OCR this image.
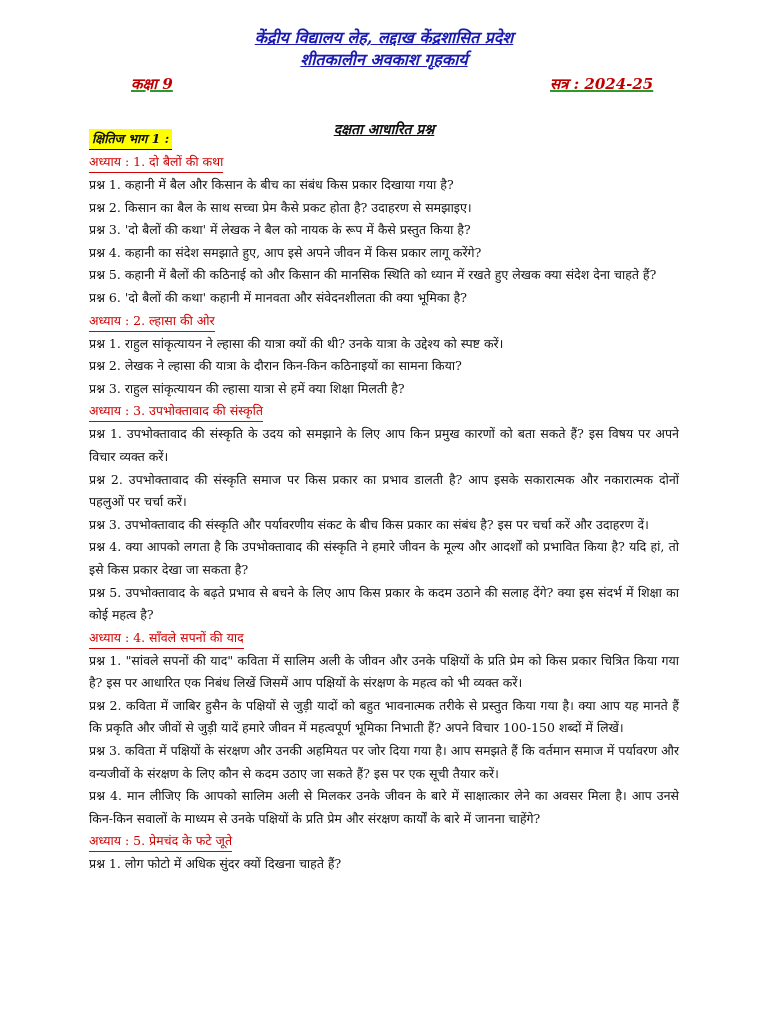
केंद्रीय विद्यालय लेह, लद्दाख केंद्रशासित प्रदेश
शीतकालीन अवकाश गृहकार्य
कक्षा 9	सत्र : 2024-25
दक्षता आधारित प्रश्न
क्षितिज भाग 1 :
अध्याय : 1. दो बैलों की कथा
प्रश्न 1. कहानी में बैल और किसान के बीच का संबंध किस प्रकार दिखाया गया है?
प्रश्न 2. किसान का बैल के साथ सच्चा प्रेम कैसे प्रकट होता है? उदाहरण से समझाइए।
प्रश्न 3. 'दो बैलों की कथा' में लेखक ने बैल को नायक के रूप में कैसे प्रस्तुत किया है?
प्रश्न 4. कहानी का संदेश समझाते हुए, आप इसे अपने जीवन में किस प्रकार लागू करेंगे?
प्रश्न 5. कहानी में बैलों की कठिनाई को और किसान की मानसिक स्थिति को ध्यान में रखते हुए लेखक क्या संदेश देना चाहते हैं?
प्रश्न 6. 'दो बैलों की कथा' कहानी में मानवता और संवेदनशीलता की क्या भूमिका है?
अध्याय : 2. ल्हासा की ओर
प्रश्न 1. राहुल सांकृत्यायन ने ल्हासा की यात्रा क्यों की थी? उनके यात्रा के उद्देश्य को स्पष्ट करें।
प्रश्न 2. लेखक ने ल्हासा की यात्रा के दौरान किन-किन कठिनाइयों का सामना किया?
प्रश्न 3. राहुल सांकृत्यायन की ल्हासा यात्रा से हमें क्या शिक्षा मिलती है?
अध्याय : 3. उपभोक्तावाद की संस्कृति
प्रश्न 1. उपभोक्तावाद की संस्कृति के उदय को समझाने के लिए आप किन प्रमुख कारणों को बता सकते हैं? इस विषय पर अपने विचार व्यक्त करें।
प्रश्न 2. उपभोक्तावाद की संस्कृति समाज पर किस प्रकार का प्रभाव डालती है? आप इसके सकारात्मक और नकारात्मक दोनों पहलुओं पर चर्चा करें।
प्रश्न 3. उपभोक्तावाद की संस्कृति और पर्यावरणीय संकट के बीच किस प्रकार का संबंध है? इस पर चर्चा करें और उदाहरण दें।
प्रश्न 4. क्या आपको लगता है कि उपभोक्तावाद की संस्कृति ने हमारे जीवन के मूल्य और आदर्शों को प्रभावित किया है? यदि हां, तो इसे किस प्रकार देखा जा सकता है?
प्रश्न 5. उपभोक्तावाद के बढ़ते प्रभाव से बचने के लिए आप किस प्रकार के कदम उठाने की सलाह देंगे? क्या इस संदर्भ में शिक्षा का कोई महत्व है?
अध्याय : 4. साँवले सपनों की याद
प्रश्न 1. "सांवले सपनों की याद" कविता में सालिम अली के जीवन और उनके पक्षियों के प्रति प्रेम को किस प्रकार चित्रित किया गया है? इस पर आधारित एक निबंध लिखें जिसमें आप पक्षियों के संरक्षण के महत्व को भी व्यक्त करें।
प्रश्न 2. कविता में जाबिर हुसैन के पक्षियों से जुड़ी यादों को बहुत भावनात्मक तरीके से प्रस्तुत किया गया है। क्या आप यह मानते हैं कि प्रकृति और जीवों से जुड़ी यादें हमारे जीवन में महत्वपूर्ण भूमिका निभाती हैं? अपने विचार 100-150 शब्दों में लिखें।
प्रश्न 3. कविता में पक्षियों के संरक्षण और उनकी अहमियत पर जोर दिया गया है। आप समझते हैं कि वर्तमान समाज में पर्यावरण और वन्यजीवों के संरक्षण के लिए कौन से कदम उठाए जा सकते हैं? इस पर एक सूची तैयार करें।
प्रश्न 4. मान लीजिए कि आपको सालिम अली से मिलकर उनके जीवन के बारे में साक्षात्कार लेने का अवसर मिला है। आप उनसे किन-किन सवालों के माध्यम से उनके पक्षियों के प्रति प्रेम और संरक्षण कार्यों के बारे में जानना चाहेंगे?
अध्याय : 5. प्रेमचंद के फटे जूते
प्रश्न 1. लोग फोटो में अधिक सुंदर क्यों दिखना चाहते हैं?
